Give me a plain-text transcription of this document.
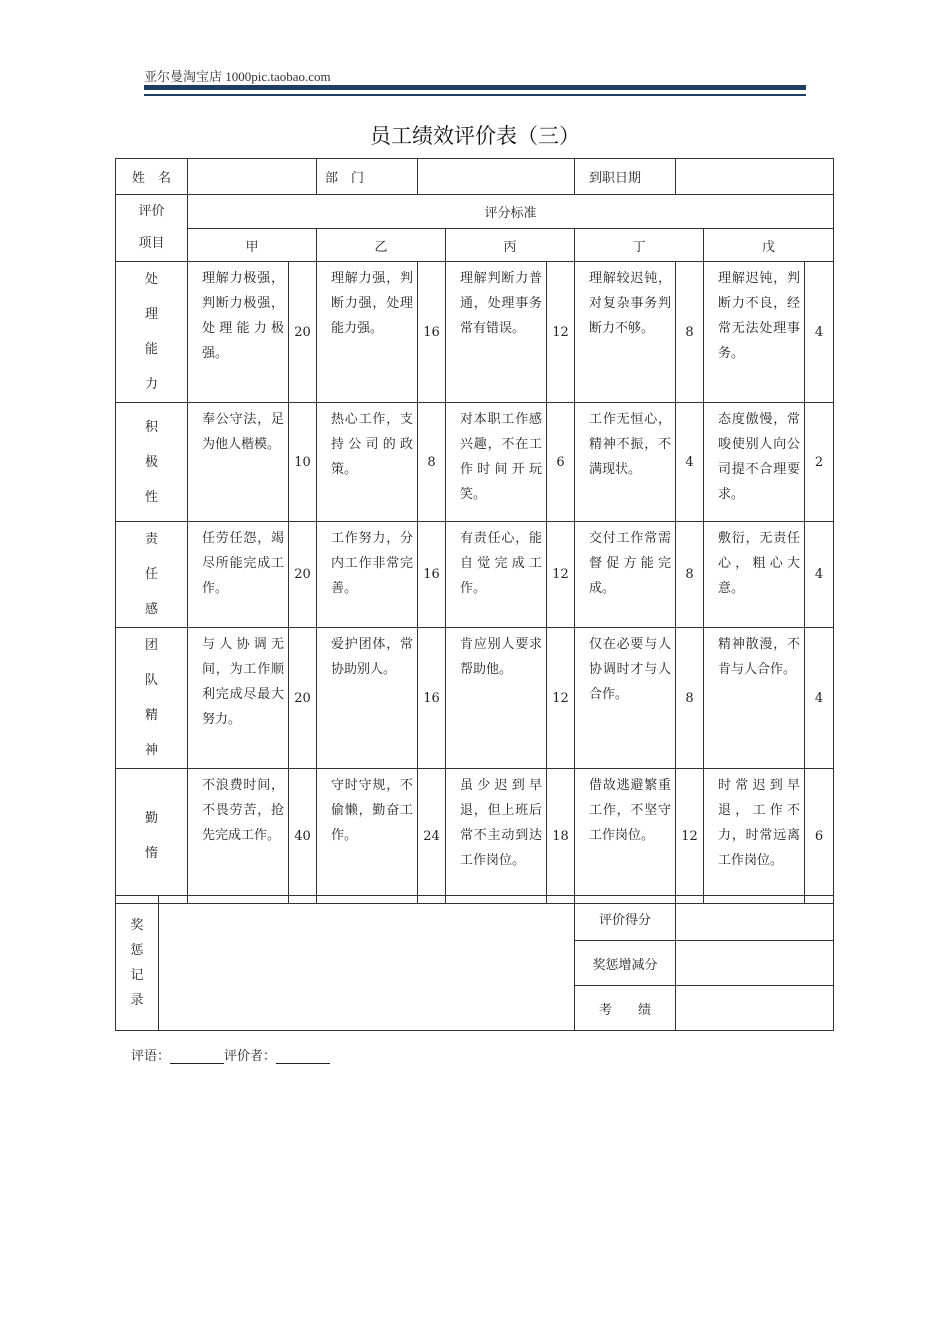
亚尔曼淘宝店 1000pic.taobao.com
员工绩效评价表（三）
姓　名			部　门				到职日期			

评价
项目	评分标准									
	甲		乙		丙		丁		戊	

处
理
能
力	理解力极强，判断力极强，处理能力极强。	20	理解力强，判断力强，处理能力强。	16	理解判断力普通，处理事务常有错误。	12	理解较迟钝，对复杂事务判断力不够。	8	理解迟钝，判断力不良，经常无法处理事务。	4

积
极
性	奉公守法，足为他人楷模。	10	热心工作，支持公司的政策。	8	对本职工作感兴趣，不在工作时间开玩笑。	6	工作无恒心，精神不振，不满现状。	4	态度傲慢，常唆使别人向公司提不合理要求。	2

责
任
感	任劳任怨，竭尽所能完成工作。	20	工作努力，分内工作非常完善。	16	有责任心，能自觉完成工作。	12	交付工作常需督促方能完成。	8	敷衍，无责任心，粗心大意。	4

团
队
精
神	与人协调无间，为工作顺利完成尽最大努力。	20	爱护团体，常协助别人。	16	肯应别人要求帮助他。	12	仅在必要与人协调时才与人合作。	8	精神散漫，不肯与人合作。	4

勤
惰	不浪费时间，不畏劳苦，抢先完成工作。	40	守时守规，不偷懒，勤奋工作。	24	虽少迟到早退，但上班后常不主动到达工作岗位。	18	借故逃避繁重工作，不坚守工作岗位。	12	时常迟到早退，工作不力，时常远离工作岗位。	6
奖
惩
记
录		评价得分	
		奖惩增减分	
		考　　绩	
评语：	评价者：
